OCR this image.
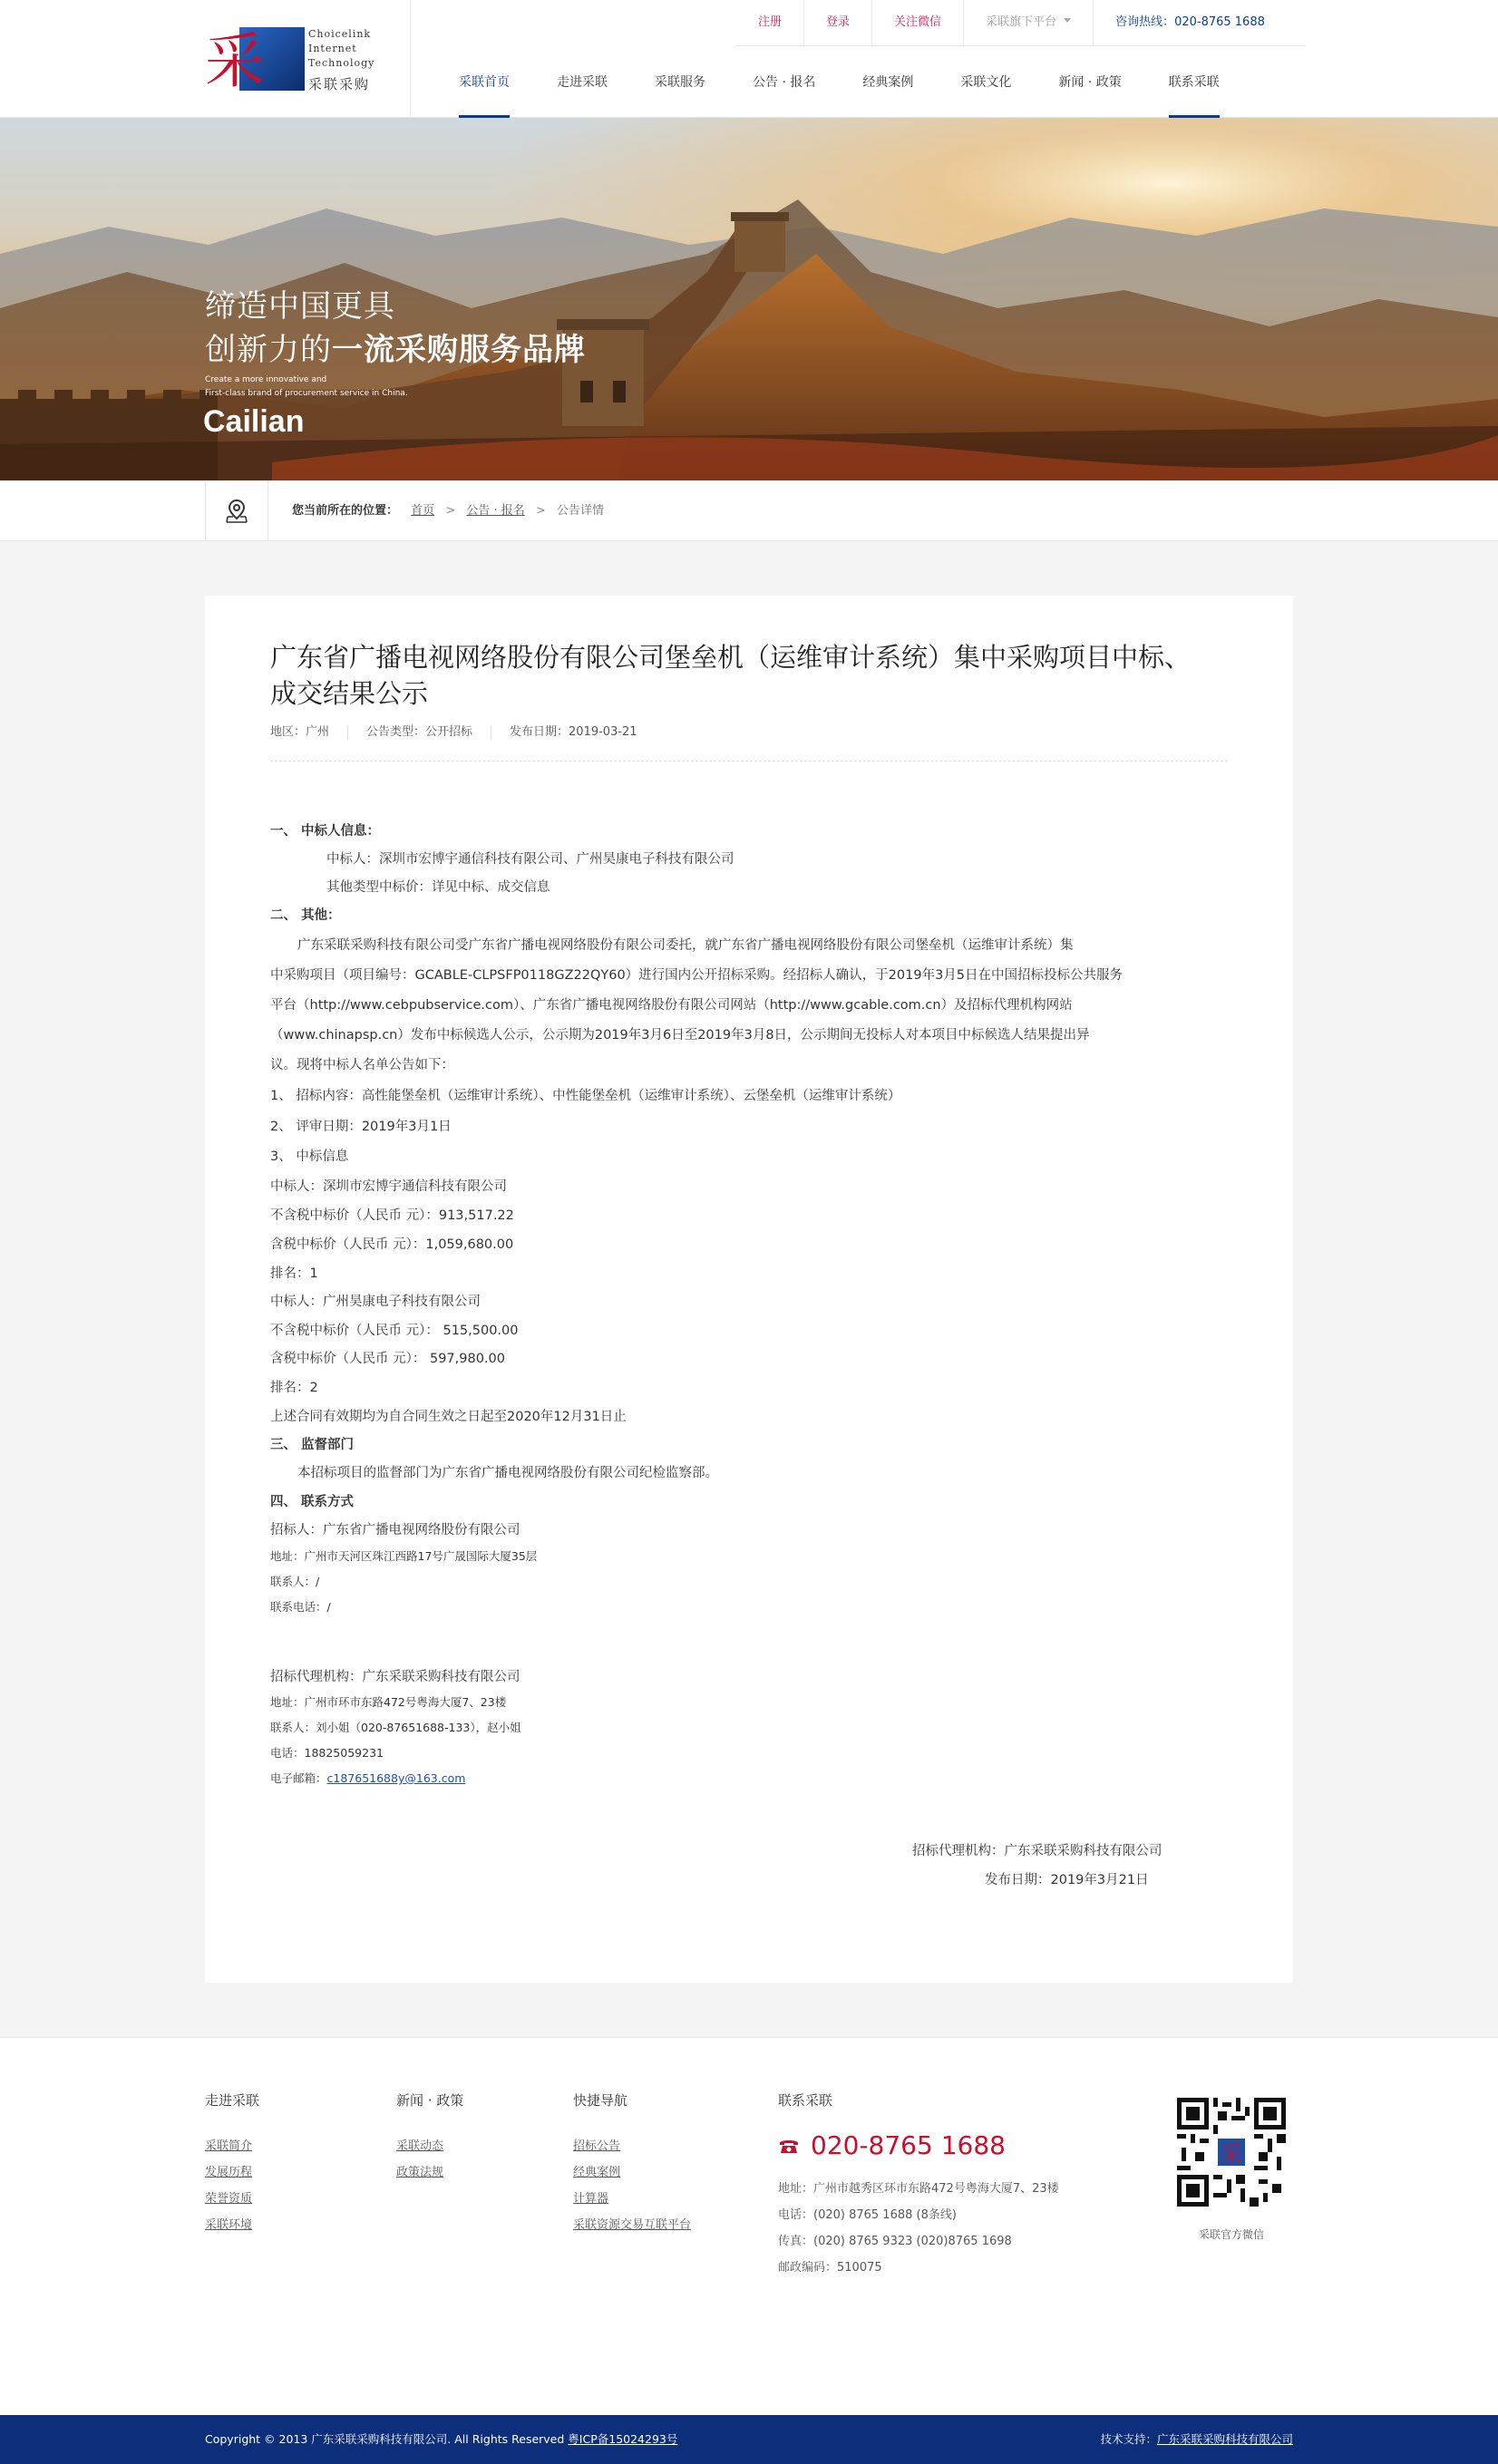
采	Choicelink
Internet
Technology
采联采购
注册	登录	关注微信	采联旗下平台	咨询热线：020-8765 1688
采联首页	走进采联	采联服务	公告 · 报名	经典案例	采联文化	新闻 · 政策	联系采联
缔造中国更具
创新力的一流采购服务品牌
Create a more innovative and
First-class brand of procurement service in China.
Cailian
您当前所在的位置： 首页 > 公告 · 报名 > 公告详情
广东省广播电视网络股份有限公司堡垒机（运维审计系统）集中采购项目中标、成交结果公示
地区：广州	公告类型：公开招标	发布日期：2019-03-21
一、 中标人信息：
中标人：深圳市宏博宇通信科技有限公司、广州昊康电子科技有限公司
其他类型中标价：详见中标、成交信息
二、 其他：
广东采联采购科技有限公司受广东省广播电视网络股份有限公司委托，就广东省广播电视网络股份有限公司堡垒机（运维审计系统）集
中采购项目（项目编号：GCABLE-CLPSFP0118GZ22QY60）进行国内公开招标采购。经招标人确认，于2019年3月5日在中国招标投标公共服务
平台（http://www.cebpubservice.com）、广东省广播电视网络股份有限公司网站（http://www.gcable.com.cn）及招标代理机构网站
（www.chinapsp.cn）发布中标候选人公示，公示期为2019年3月6日至2019年3月8日，公示期间无投标人对本项目中标候选人结果提出异
议。现将中标人名单公告如下：
1、 招标内容：高性能堡垒机（运维审计系统）、中性能堡垒机（运维审计系统）、云堡垒机（运维审计系统）
2、 评审日期：2019年3月1日
3、 中标信息
中标人：深圳市宏博宇通信科技有限公司
不含税中标价（人民币 元）：913,517.22
含税中标价（人民币 元）：1,059,680.00
排名：1
中标人：广州昊康电子科技有限公司
不含税中标价（人民币 元）： 515,500.00
含税中标价（人民币 元）： 597,980.00
排名：2
上述合同有效期均为自合同生效之日起至2020年12月31日止
三、 监督部门
本招标项目的监督部门为广东省广播电视网络股份有限公司纪检监察部。
四、 联系方式
招标人：广东省广播电视网络股份有限公司
地址：广州市天河区珠江西路17号广晟国际大厦35层
联系人：/
联系电话：/
招标代理机构：广东采联采购科技有限公司
地址：广州市环市东路472号粤海大厦7、23楼
联系人：刘小姐（020-87651688-133），赵小姐
电话：18825059231
电子邮箱：c18765168​8y@163.com
招标代理机构：广东采联采购科技有限公司
发布日期：2019年3月21日
走进采联
采联简介
发展历程
荣誉资质
采联环境
新闻 · 政策
采联动态
政策法规
快捷导航
招标公告
经典案例
计算器
采联资源交易互联平台
联系采联
020-8765 1688
地址：广州市越秀区环市东路472号粤海大厦7、23楼
电话：(020) 8765 1688 (8条线)
传真：(020) 8765 9323 (020)8765 1698
邮政编码：510075
采
采联官方微信
Copyright © 2013 广东采联采购科技有限公司. All Rights Reserved 粤ICP备15024293号	技术支持：广东采联采购科技有限公司
